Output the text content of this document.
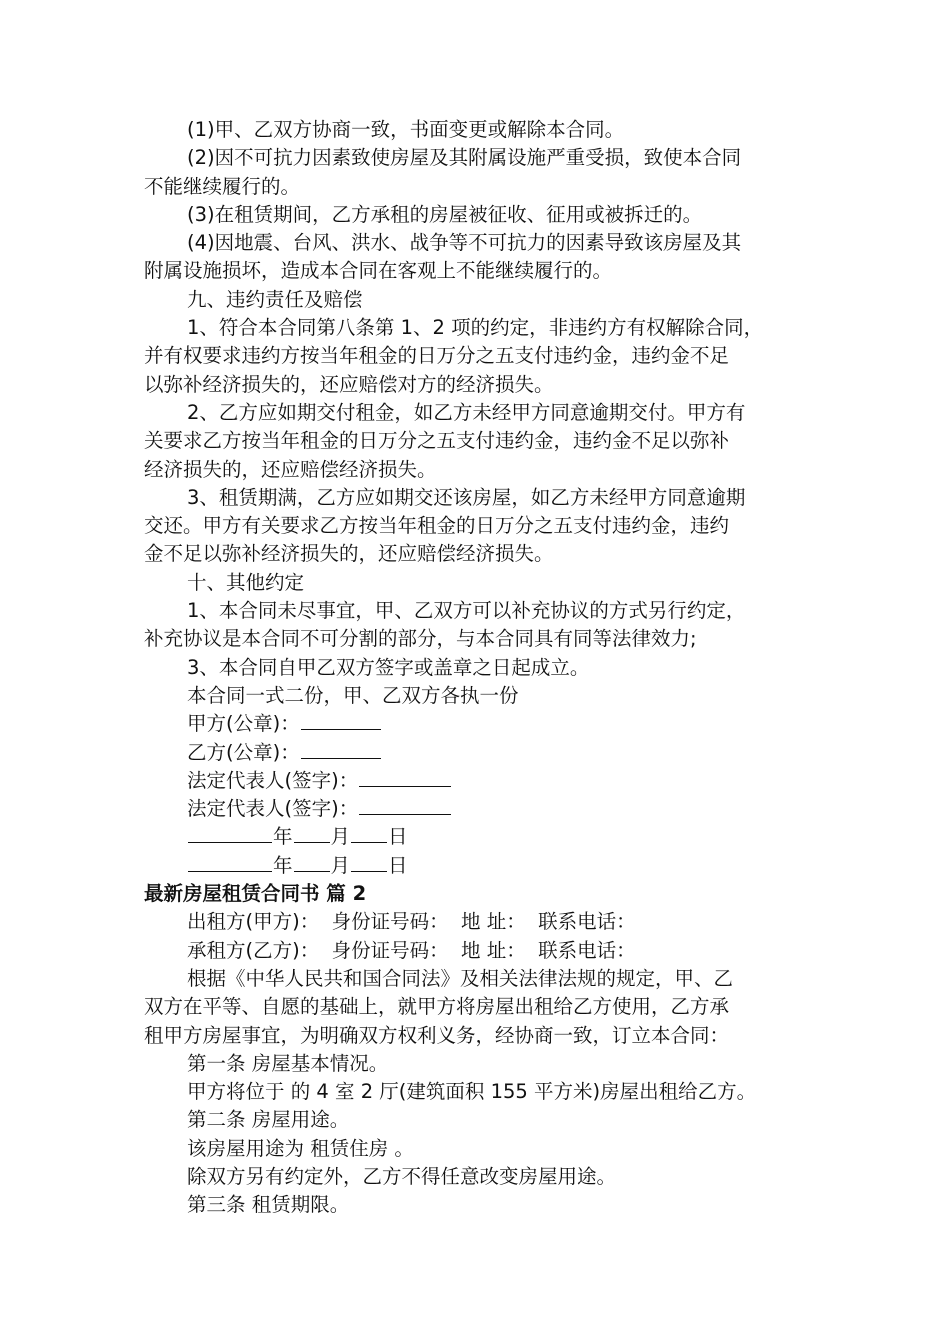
(1)甲、乙双方协商一致，书面变更或解除本合同。
(2)因不可抗力因素致使房屋及其附属设施严重受损，致使本合同
不能继续履行的。
(3)在租赁期间，乙方承租的房屋被征收、征用或被拆迁的。
(4)因地震、台风、洪水、战争等不可抗力的因素导致该房屋及其
附属设施损坏，造成本合同在客观上不能继续履行的。
九、违约责任及赔偿
1、符合本合同第八条第 1、2 项的约定，非违约方有权解除合同，
并有权要求违约方按当年租金的日万分之五支付违约金，违约金不足
以弥补经济损失的，还应赔偿对方的经济损失。
2、乙方应如期交付租金，如乙方未经甲方同意逾期交付。甲方有
关要求乙方按当年租金的日万分之五支付违约金，违约金不足以弥补
经济损失的，还应赔偿经济损失。
3、租赁期满，乙方应如期交还该房屋，如乙方未经甲方同意逾期
交还。甲方有关要求乙方按当年租金的日万分之五支付违约金，违约
金不足以弥补经济损失的，还应赔偿经济损失。
十、其他约定
1、本合同未尽事宜，甲、乙双方可以补充协议的方式另行约定，
补充协议是本合同不可分割的部分，与本合同具有同等法律效力;
3、本合同自甲乙双方签字或盖章之日起成立。
本合同一式二份，甲、乙双方各执一份
甲方(公章)：
乙方(公章)：
法定代表人(签字)：
法定代表人(签字)：
年 月 日
年 月 日
最新房屋租赁合同书 篇 2
出租方(甲方)：  身份证号码：  地 址：  联系电话：
承租方(乙方)：  身份证号码：  地 址：  联系电话：
根据《中华人民共和国合同法》及相关法律法规的规定，甲、乙
双方在平等、自愿的基础上，就甲方将房屋出租给乙方使用，乙方承
租甲方房屋事宜，为明确双方权利义务，经协商一致，订立本合同：
第一条 房屋基本情况。
甲方将位于 的 4 室 2 厅(建筑面积 155 平方米)房屋出租给乙方。
第二条 房屋用途。
该房屋用途为 租赁住房 。
除双方另有约定外，乙方不得任意改变房屋用途。
第三条 租赁期限。
